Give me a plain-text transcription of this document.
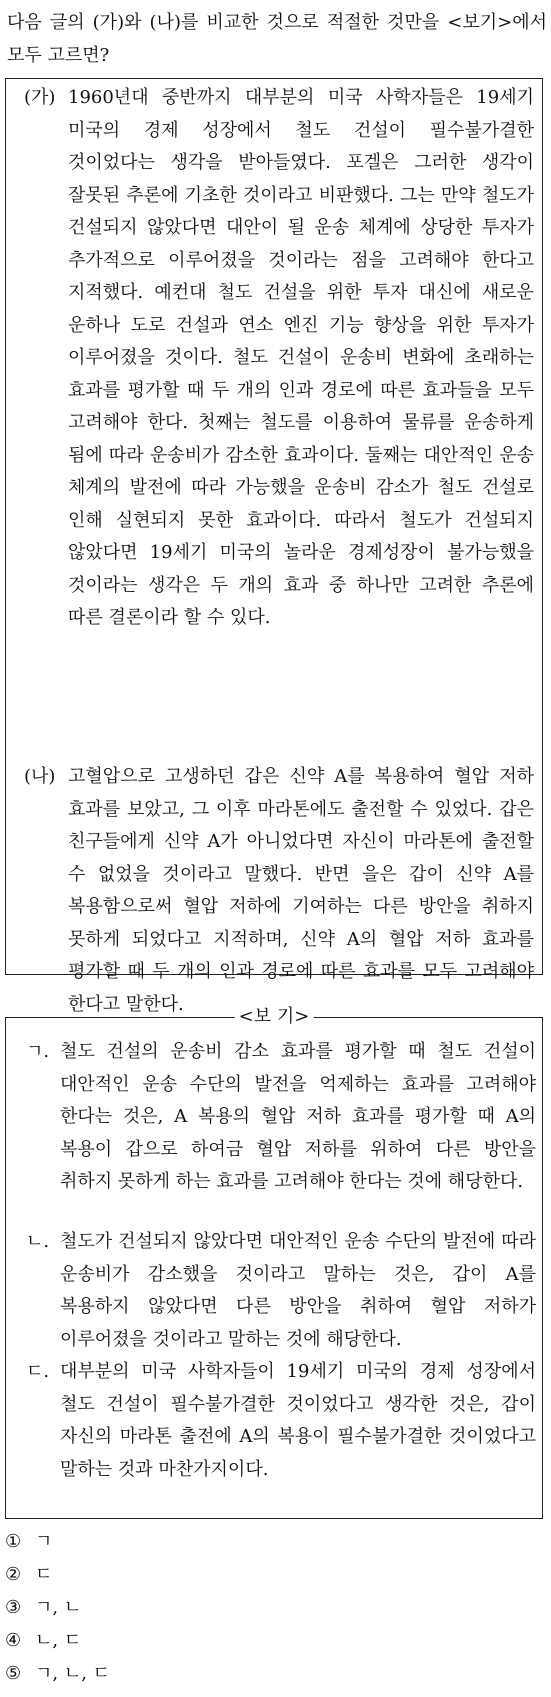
다음 글의 (가)와 (나)를 비교한 것으로 적절한 것만을 <보기>에서 모두 고르면?
(가) 1960년대 중반까지 대부분의 미국 사학자들은 19세기 미국의 경제 성장에서 철도 건설이 필수불가결한 것이었다는 생각을 받아들였다. 포겔은 그러한 생각이 잘못된 추론에 기초한 것이라고 비판했다. 그는 만약 철도가 건설되지 않았다면 대안이 될 운송 체계에 상당한 투자가 추가적으로 이루어졌을 것이라는 점을 고려해야 한다고 지적했다. 예컨대 철도 건설을 위한 투자 대신에 새로운 운하나 도로 건설과 연소 엔진 기능 향상을 위한 투자가 이루어졌을 것이다. 철도 건설이 운송비 변화에 초래하는 효과를 평가할 때 두 개의 인과 경로에 따른 효과들을 모두 고려해야 한다. 첫째는 철도를 이용하여 물류를 운송하게 됨에 따라 운송비가 감소한 효과이다. 둘째는 대안적인 운송 체계의 발전에 따라 가능했을 운송비 감소가 철도 건설로 인해 실현되지 못한 효과이다. 따라서 철도가 건설되지 않았다면 19세기 미국의 놀라운 경제성장이 불가능했을 것이라는 생각은 두 개의 효과 중 하나만 고려한 추론에 따른 결론이라 할 수 있다.
(나) 고혈압으로 고생하던 갑은 신약 A를 복용하여 혈압 저하 효과를 보았고, 그 이후 마라톤에도 출전할 수 있었다. 갑은 친구들에게 신약 A가 아니었다면 자신이 마라톤에 출전할 수 없었을 것이라고 말했다. 반면 을은 갑이 신약 A를 복용함으로써 혈압 저하에 기여하는 다른 방안을 취하지 못하게 되었다고 지적하며, 신약 A의 혈압 저하 효과를 평가할 때 두 개의 인과 경로에 따른 효과를 모두 고려해야 한다고 말한다.
<보 기>
ㄱ. 철도 건설의 운송비 감소 효과를 평가할 때 철도 건설이 대안적인 운송 수단의 발전을 억제하는 효과를 고려해야 한다는 것은, A 복용의 혈압 저하 효과를 평가할 때 A의 복용이 갑으로 하여금 혈압 저하를 위하여 다른 방안을 취하지 못하게 하는 효과를 고려해야 한다는 것에 해당한다.
ㄴ. 철도가 건설되지 않았다면 대안적인 운송 수단의 발전에 따라 운송비가 감소했을 것이라고 말하는 것은, 갑이 A를 복용하지 않았다면 다른 방안을 취하여 혈압 저하가 이루어졌을 것이라고 말하는 것에 해당한다.
ㄷ. 대부분의 미국 사학자들이 19세기 미국의 경제 성장에서 철도 건설이 필수불가결한 것이었다고 생각한 것은, 갑이 자신의 마라톤 출전에 A의 복용이 필수불가결한 것이었다고 말하는 것과 마찬가지이다.
① ㄱ
② ㄷ
③ ㄱ, ㄴ
④ ㄴ, ㄷ
⑤ ㄱ, ㄴ, ㄷ
